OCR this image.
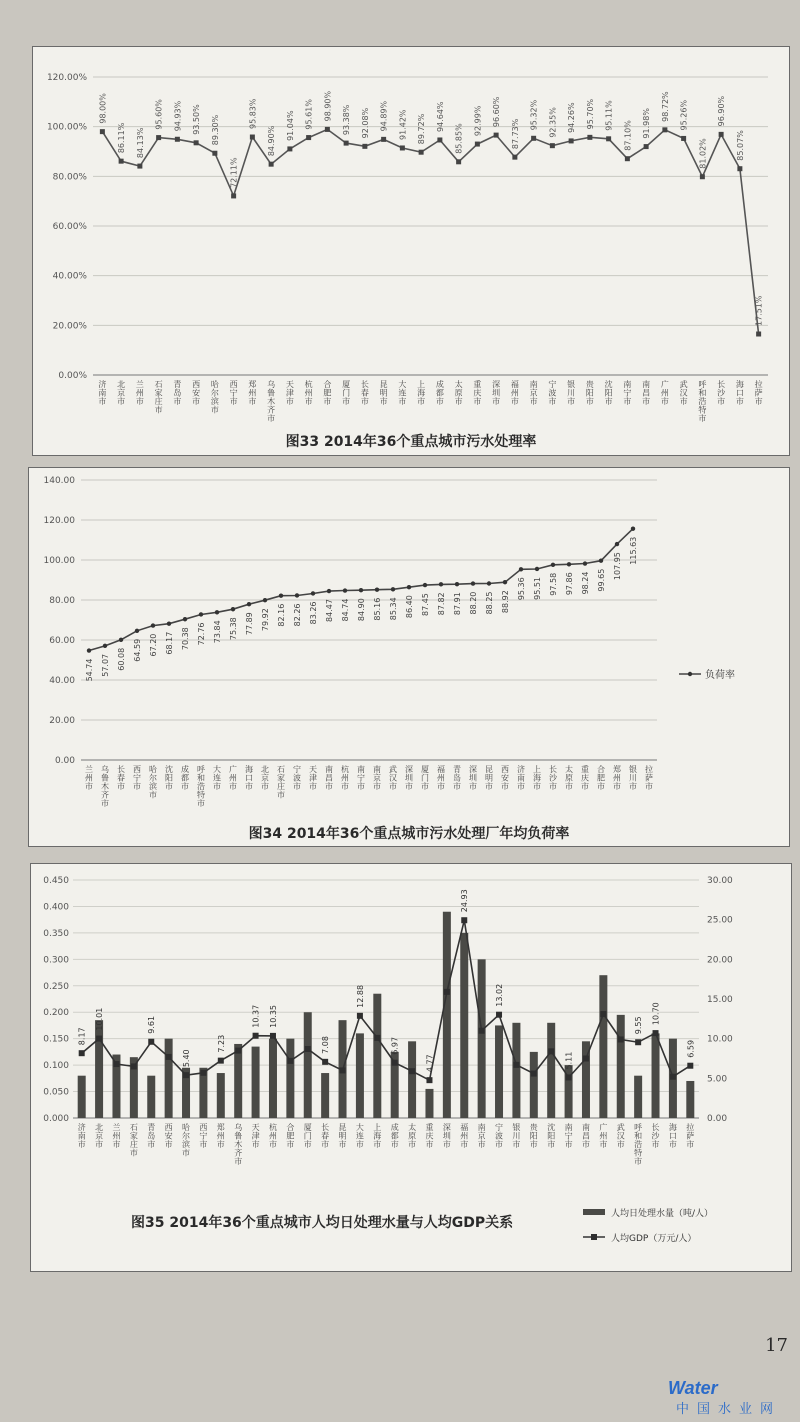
0.00%
20.00%
40.00%
60.00%
80.00%
100.00%
120.00%
98.00%
济南市
86.11%
北京市
84.13%
兰州市
95.60%
石家庄市
94.93%
青岛市
93.50%
西安市
89.30%
哈尔滨市
72.11%
西宁市
95.83%
郑州市
84.90%
乌鲁木齐市
91.04%
天津市
95.61%
杭州市
98.90%
合肥市
93.38%
厦门市
92.08%
长春市
94.89%
昆明市
91.42%
大连市
89.72%
上海市
94.64%
成都市
85.85%
太原市
92.99%
重庆市
96.60%
深圳市
87.73%
福州市
95.32%
南京市
92.35%
宁波市
94.26%
银川市
95.70%
贵阳市
95.11%
沈阳市
87.10%
南宁市
91.98%
南昌市
98.72%
广州市
95.26%
武汉市
81.02%
呼和浩特市
96.90%
长沙市
85.07%
海口市
17.51%
拉萨市
图33 2014年36个重点城市污水处理率
0.00
20.00
40.00
60.00
80.00
100.00
120.00
140.00
54.74 57.07 60.08 64.59 67.20 68.17 70.38 72.76 73.84 75.38 77.89 79.92 82.16 82.26 83.26 84.47 84.74 84.90 85.16 85.34 86.40 87.45 87.82 87.91 88.20 88.25 88.92
95.36 95.51 97.58 97.86 98.24 99.65
107.95
115.63
兰州市
乌鲁木齐市
长春市
西宁市
哈尔滨市
沈阳市
成都市
呼和浩特市
大连市
广州市
海口市
北京市
石家庄市
宁波市
天津市
南昌市
杭州市
南宁市
南京市
武汉市
深圳市
厦门市
福州市
青岛市
深圳市
昆明市
西安市
济南市
上海市
长沙市
太原市
重庆市
合肥市
郑州市
银川市
拉萨市
负荷率
图34 2014年36个重点城市污水处理厂年均负荷率
0.000
0.050
0.100
0.150
0.200
0.250
0.300
0.350
0.400
0.450
0.00
5.00
10.00
15.00
20.00
25.00
30.00
8.17
济南市
10.01
北京市
兰州市
石家庄市
9.61
青岛市
西安市
5.40
哈尔滨市
西宁市
7.23
郑州市
乌鲁木齐市
10.37
天津市
10.35
杭州市
合肥市
厦门市
7.08
长春市
昆明市
12.88
大连市
上海市
6.97
成都市
太原市
4.77
重庆市
深圳市
24.93
福州市
南京市
13.02
宁波市
银川市
贵阳市
沈阳市
5.11
南宁市
南昌市
广州市
武汉市
9.55
呼和浩特市
10.70
长沙市
海口市
6.59
拉萨市
人均日处理水量（吨/人）
人均GDP（万元/人）
图35 2014年36个重点城市人均日处理水量与人均GDP关系
17
Water
中国水业网
